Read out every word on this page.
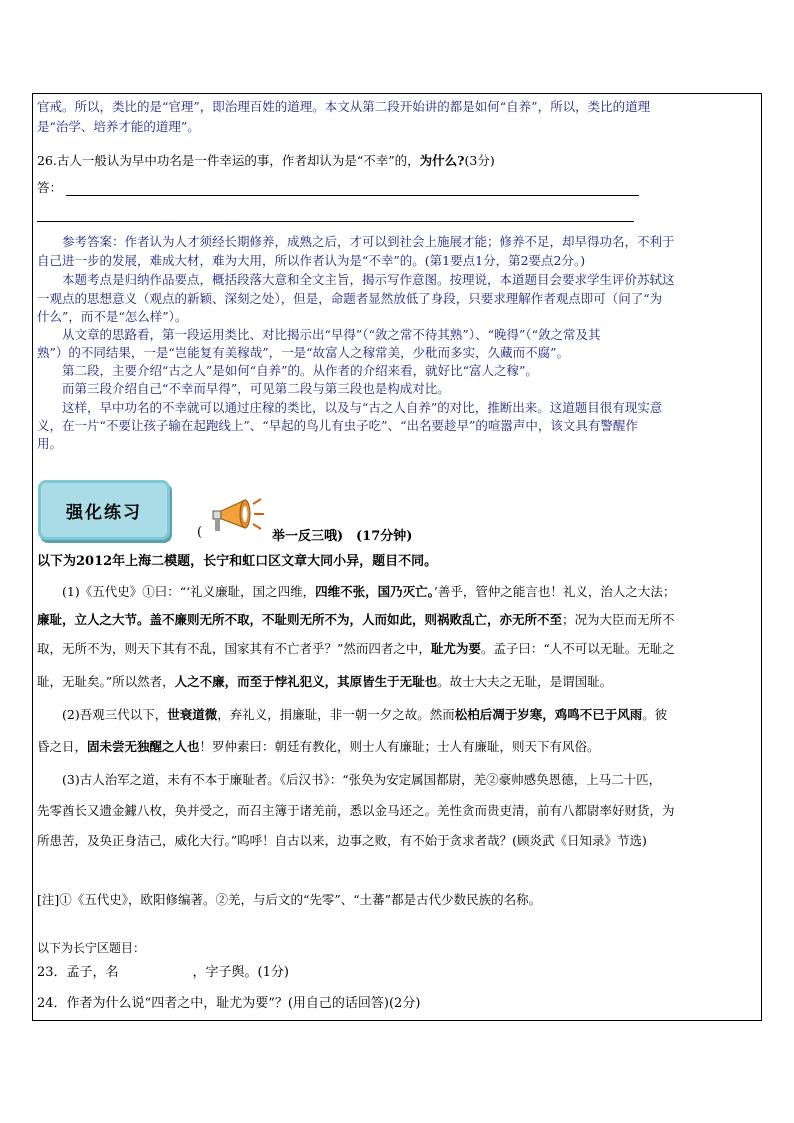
官戒。所以，类比的是“官理”，即治理百姓的道理。本文从第二段开始讲的都是如何“自养”，所以，类比的道理

是“治学、培养才能的道理”。

26.古人一般认为早中功名是一件幸运的事，作者却认为是“不幸”的，为什么?(3分)

答：

参考答案：作者认为人才须经长期修养，成熟之后，才可以到社会上施展才能；修养不足，却早得功名，不利于

自己进一步的发展，难成大材，难为大用，所以作者认为是“不幸”的。(第1要点1分，第2要点2分。)

本题考点是归纳作品要点，概括段落大意和全文主旨，揭示写作意图。按理说，本道题目会要求学生评价苏轼这

一观点的思想意义（观点的新颖、深刻之处），但是，命题者显然放低了身段，只要求理解作者观点即可（问了“为

什么”，而不是“怎么样”）。

从文章的思路看，第一段运用类比、对比揭示出“早得”（“敛之常不待其熟”）、“晚得”（“敛之常及其

熟”）的不同结果，一是“岂能复有美稼哉”，一是“故富人之稼常美，少秕而多实，久藏而不腐”。

第二段，主要介绍“古之人”是如何“自养”的。从作者的介绍来看，就好比“富人之稼”。

而第三段介绍自己“不幸而早得”，可见第二段与第三段也是构成对比。

这样，早中功名的不幸就可以通过庄稼的类比，以及与“古之人自养”的对比，推断出来。这道题目很有现实意

义，在一片“不要让孩子输在起跑线上”、“早起的鸟儿有虫子吃”、“出名要趁早”的喧嚣声中，该文具有警醒作

用。

强化练习
(	举一反三哦) (17分钟)

以下为2012年上海二模题，长宁和虹口区文章大同小异，题目不同。

(1)《五代史》①曰：“‘礼义廉耻，国之四维，四维不张，国乃灭亡。’善乎，管仲之能言也！礼义，治人之大法；

廉耻，立人之大节。盖不廉则无所不取，不耻则无所不为，人而如此，则祸败乱亡，亦无所不至；况为大臣而无所不

取，无所不为，则天下其有不乱，国家其有不亡者乎？”然而四者之中，耻尤为要。孟子曰：“人不可以无耻。无耻之

耻，无耻矣。”所以然者，人之不廉，而至于悖礼犯义，其原皆生于无耻也。故士大夫之无耻，是谓国耻。

(2)吾观三代以下，世衰道微，弃礼义，捐廉耻，非一朝一夕之故。然而松柏后凋于岁寒，鸡鸣不已于风雨。彼

昏之日，固未尝无独醒之人也！罗仲素曰：朝廷有教化，则士人有廉耻；士人有廉耻，则天下有风俗。

(3)古人治军之道，未有不本于廉耻者。《后汉书》：“张奂为安定属国都尉，羌②豪帅感奂恩德，上马二十匹，

先零酋长又遗金鐻八枚，奂并受之，而召主簿于诸羌前，悉以金马还之。羌性贪而贵吏清，前有八都尉率好财货，为

所患苦，及奂正身洁己，威化大行。”呜呼！自古以来，边事之败，有不始于贪求者哉？(顾炎武《日知录》节选)

[注]①《五代史》，欧阳修编著。②羌，与后文的“先零”、“土蕃”都是古代少数民族的名称。

以下为长宁区题目：

23．孟子，名	，字子舆。(1分)

24．作者为什么说“四者之中，耻尤为要”？(用自己的话回答)(2分)
